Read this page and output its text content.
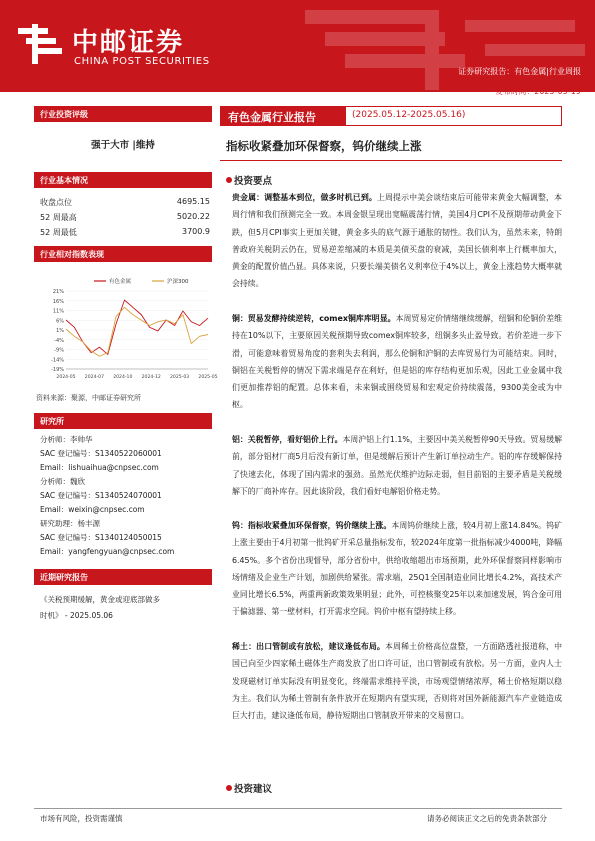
中邮证券
CHINA POST SECURITIES
证券研究报告：有色金属|行业周报
发布时间：2025-05-19
行业投资评级
强于大市 |维持
行业基本情况
收盘点位	4695.15
52 周最高	5020.22
52 周最低	3700.9
行业相对指数表现
21%
16%
11%
6%
1%
-4%
-9%
-14%
-19%
2024-05 2024-07 2024-10 2024-12 2025-03 2025-05
有色金属	沪深300
资料来源：聚源，中邮证券研究所
研究所
分析师：李帅华
SAC 登记编号：S1340522060001
Email：lishuaihua@cnpsec.com
分析师：魏欣
SAC 登记编号：S1340524070001
Email：weixin@cnpsec.com
研究助理：杨丰源
SAC 登记编号：S1340124050015
Email：yangfengyuan@cnpsec.com
近期研究报告
《关税预期缓解，黄金或迎底部做多
时机》 - 2025.05.06
有色金属行业报告	(2025.05.12-2025.05.16)
指标收紧叠加环保督察，钨价继续上涨
投资要点
贵金属：调整基本到位，做多时机已到。上周提示中美会谈结束后可能带来黄金大幅调整，本周行情和我们预测完全一致。本周金银呈现出宽幅震荡行情，美国4月CPI不及预期带动黄金下跌，但5月CPI事实上更加关键，黄金多头的底气源于通胀的韧性。我们认为，虽然未来，特朗普政府关税阴云仍在，贸易逆差缩减的本质是美债买盘的衰减，美国长债利率上行概率加大，黄金的配置价值凸显。具体来说，只要长端美债名义利率位于4%以上，黄金上涨趋势大概率就会持续。
铜：贸易发酵持续逆转，comex铜库库明显。本周贸易定价情绪继续缓解，纽铜和伦铜价差维持在10%以下，主要原因关税预期导致comex铜库较多，纽铜多头止盈导致。若价差进一步下滑，可能意味着贸易角度的套利失去利润，那么伦铜和沪铜的去库贸易行为可能结束。同时，铜铝在关税暂停的情况下需求端是存在利好，但是铝的库存结构更加乐观，因此工业金属中我们更加推荐铝的配置。总体来看，未来铜或围绕贸易和宏观定价持续震荡，9300美金或为中枢。
铝：关税暂停，看好铝价上行。本周沪铝上行1.1%，主要因中美关税暂停90天导致。贸易缓解前，部分铝材厂商5月后没有新订单，但是缓解后预计产生新订单拉动生产。铝的库存缓解保持了快速去化，体现了国内需求的强劲。虽然光伏维护边际走弱，但目前铝的主要矛盾是关税缓解下的厂商补库存。因此该阶段，我们看好电解铝价格走势。
钨：指标收紧叠加环保督察，钨价继续上涨。本周钨价继续上涨，较4月初上涨14.84%。钨矿上涨主要由于4月初第一批钨矿开采总量指标发布，较2024年度第一批指标减少4000吨，降幅6.45%。多个省份出现督导，部分省份中，供给收缩超出市场预期，此外环保督察同样影响市场情绪及企业生产计划，加剧供给紧张。需求端，25Q1全国制造业同比增长4.2%，高技术产业同比增长6.5%，两重两新政策效果明显；此外，可控核聚变25年以来加速发展，钨合金可用于偏滤器、第一壁材料，打开需求空间。钨价中枢有望持续上移。
稀土：出口管制或有放松，建议逢低布局。本周稀土价格高位盘整，一方面路透社报道称，中国已向至少四家稀土磁体生产商发放了出口许可证，出口管制或有放松。另一方面，业内人士发现磁材订单实际没有明显变化，终端需求维持平淡，市场观望情绪浓厚，稀土价格短期以稳为主。我们认为稀土管制有条件放开在短期内有望实现，否则将对国外新能源汽车产业链造成巨大打击，建议逢低布局，静待短期出口管制放开带来的交易窗口。
投资建议
市场有风险，投资需谨慎	请务必阅读正文之后的免责条款部分
